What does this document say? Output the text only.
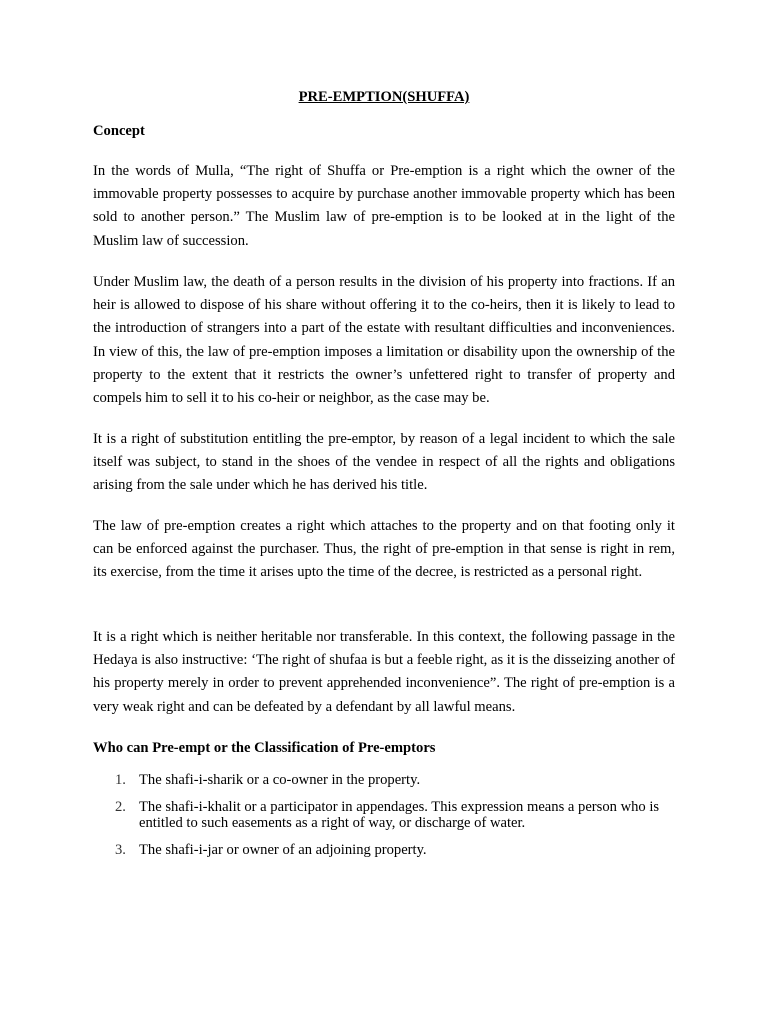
PRE-EMPTION(SHUFFA)
Concept

In the words of Mulla, “The right of Shuffa or Pre-emption is a right which the owner of the immovable property possesses to acquire by purchase another immovable property which has been sold to another person.” The Muslim law of pre-emption is to be looked at in the light of the Muslim law of succession.

Under Muslim law, the death of a person results in the division of his property into fractions. If an heir is allowed to dispose of his share without offering it to the co-heirs, then it is likely to lead to the introduction of strangers into a part of the estate with resultant difficulties and inconveniences. In view of this, the law of pre-emption imposes a limitation or disability upon the ownership of the property to the extent that it restricts the owner’s unfettered right to transfer of property and compels him to sell it to his co-heir or neighbor, as the case may be.

It is a right of substitution entitling the pre-emptor, by reason of a legal incident to which the sale itself was subject, to stand in the shoes of the vendee in respect of all the rights and obligations arising from the sale under which he has derived his title.

The law of pre-emption creates a right which attaches to the property and on that footing only it can be enforced against the purchaser. Thus, the right of pre-emption in that sense is right in rem, its exercise, from the time it arises upto the time of the decree, is restricted as a personal right.

It is a right which is neither heritable nor transferable. In this context, the following passage in the Hedaya is also instructive: ‘The right of shufaa is but a feeble right, as it is the disseizing another of his property merely in order to prevent apprehended inconvenience”. The right of pre-emption is a very weak right and can be defeated by a defendant by all lawful means.

Who can Pre-empt or the Classification of Pre-emptors
1. The shafi-i-sharik or a co-owner in the property.
2. The shafi-i-khalit or a participator in appendages. This expression means a person who is entitled to such easements as a right of way, or discharge of water.
3. The shafi-i-jar or owner of an adjoining property.
